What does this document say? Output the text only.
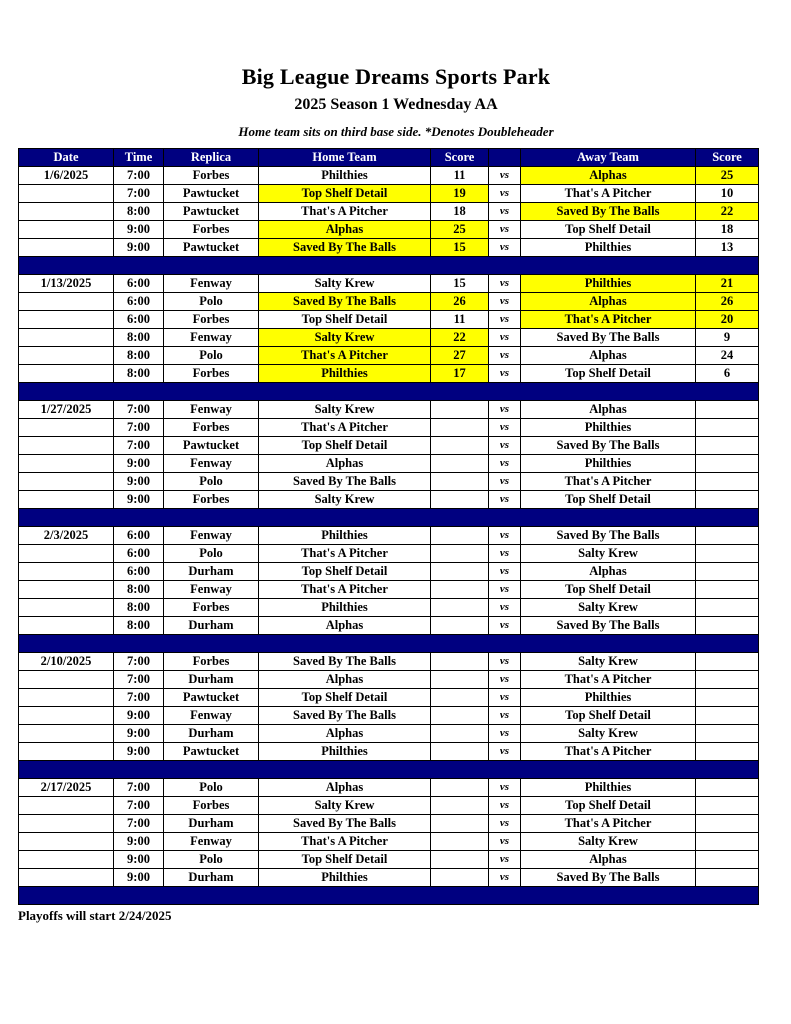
Big League Dreams Sports Park
2025 Season 1 Wednesday AA
Home team sits on third base side. *Denotes Doubleheader
Date	Time	Replica	Home Team	Score		Away Team	Score
1/6/2025	7:00	Forbes	Philthies	11	vs	Alphas	25
	7:00	Pawtucket	Top Shelf Detail	19	vs	That's A Pitcher	10
	8:00	Pawtucket	That's A Pitcher	18	vs	Saved By The Balls	22
	9:00	Forbes	Alphas	25	vs	Top Shelf Detail	18
	9:00	Pawtucket	Saved By The Balls	15	vs	Philthies	13

1/13/2025	6:00	Fenway	Salty Krew	15	vs	Philthies	21
	6:00	Polo	Saved By The Balls	26	vs	Alphas	26
	6:00	Forbes	Top Shelf Detail	11	vs	That's A Pitcher	20
	8:00	Fenway	Salty Krew	22	vs	Saved By The Balls	9
	8:00	Polo	That's A Pitcher	27	vs	Alphas	24
	8:00	Forbes	Philthies	17	vs	Top Shelf Detail	6

1/27/2025	7:00	Fenway	Salty Krew		vs	Alphas	
	7:00	Forbes	That's A Pitcher		vs	Philthies	
	7:00	Pawtucket	Top Shelf Detail		vs	Saved By The Balls	
	9:00	Fenway	Alphas		vs	Philthies	
	9:00	Polo	Saved By The Balls		vs	That's A Pitcher	
	9:00	Forbes	Salty Krew		vs	Top Shelf Detail	

2/3/2025	6:00	Fenway	Philthies		vs	Saved By The Balls	
	6:00	Polo	That's A Pitcher		vs	Salty Krew	
	6:00	Durham	Top Shelf Detail		vs	Alphas	
	8:00	Fenway	That's A Pitcher		vs	Top Shelf Detail	
	8:00	Forbes	Philthies		vs	Salty Krew	
	8:00	Durham	Alphas		vs	Saved By The Balls	

2/10/2025	7:00	Forbes	Saved By The Balls		vs	Salty Krew	
	7:00	Durham	Alphas		vs	That's A Pitcher	
	7:00	Pawtucket	Top Shelf Detail		vs	Philthies	
	9:00	Fenway	Saved By The Balls		vs	Top Shelf Detail	
	9:00	Durham	Alphas		vs	Salty Krew	
	9:00	Pawtucket	Philthies		vs	That's A Pitcher	

2/17/2025	7:00	Polo	Alphas		vs	Philthies	
	7:00	Forbes	Salty Krew		vs	Top Shelf Detail	
	7:00	Durham	Saved By The Balls		vs	That's A Pitcher	
	9:00	Fenway	That's A Pitcher		vs	Salty Krew	
	9:00	Polo	Top Shelf Detail		vs	Alphas	
	9:00	Durham	Philthies		vs	Saved By The Balls	

Playoffs will start 2/24/2025
